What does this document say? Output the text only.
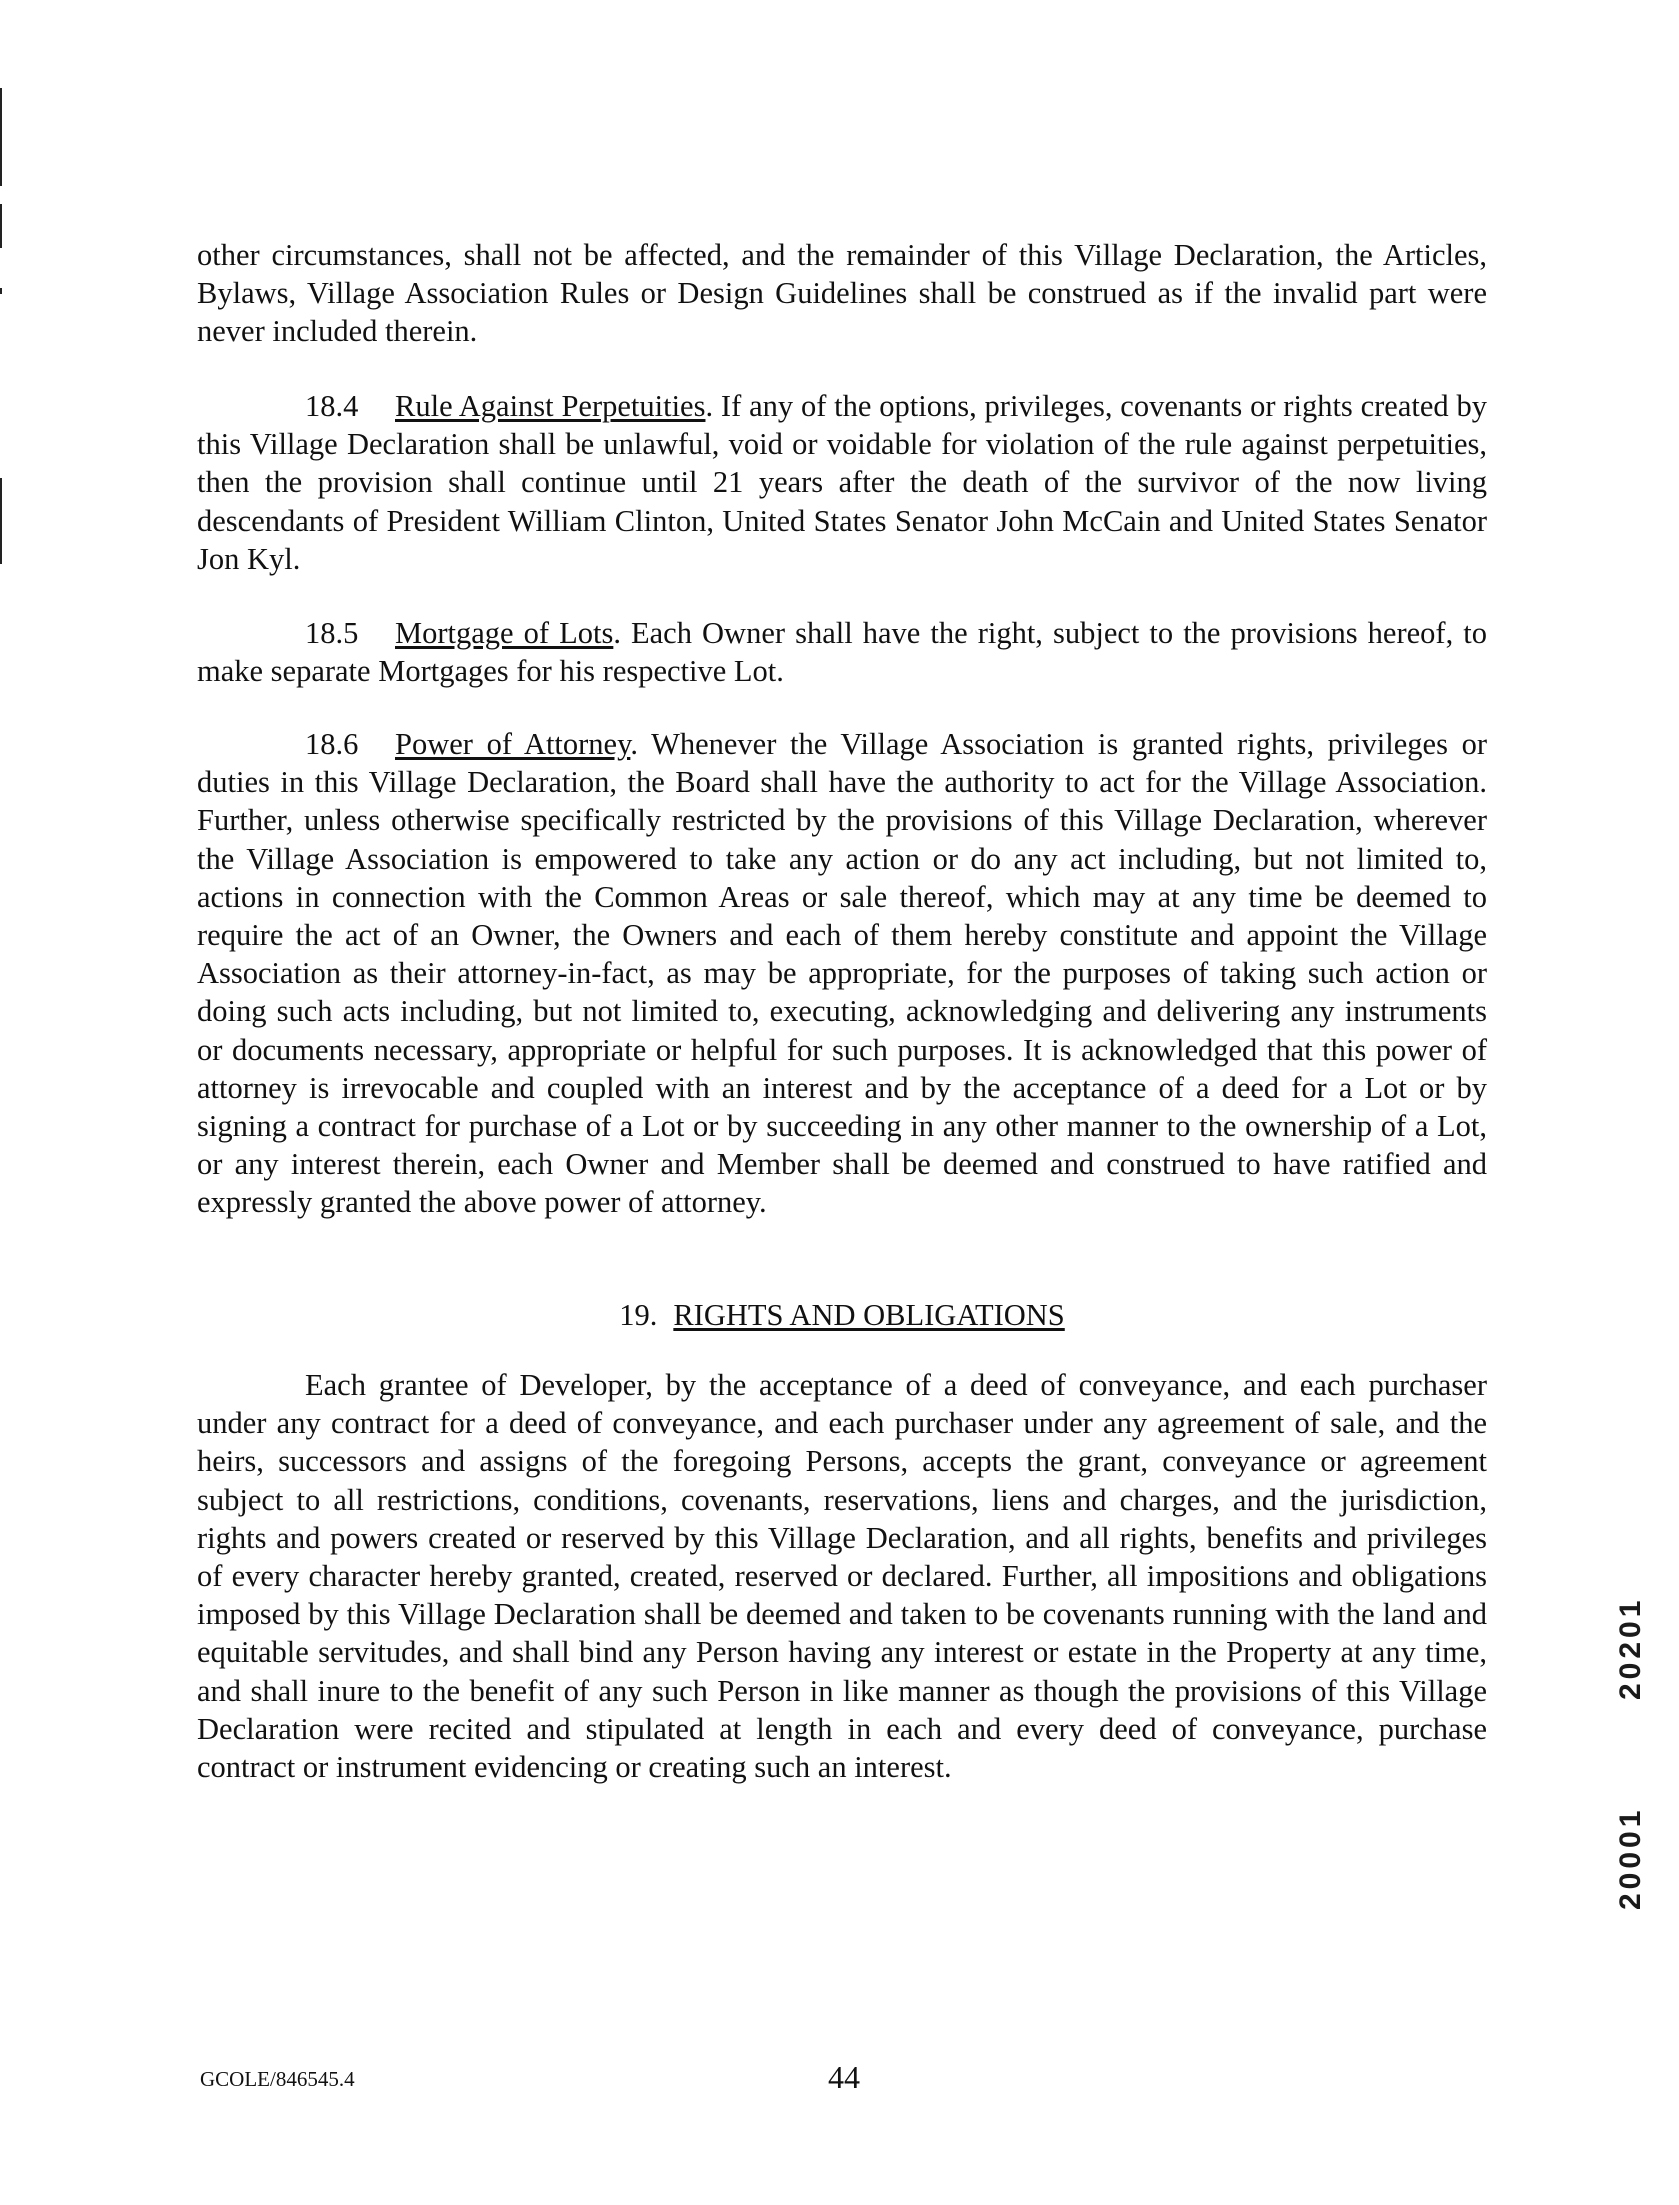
other circumstances, shall not be affected, and the remainder of this Village Declaration, the Articles, Bylaws, Village Association Rules or Design Guidelines shall be construed as if the invalid part were never included therein.

18.4 Rule Against Perpetuities. If any of the options, privileges, covenants or rights created by this Village Declaration shall be unlawful, void or voidable for violation of the rule against perpetuities, then the provision shall continue until 21 years after the death of the survivor of the now living descendants of President William Clinton, United States Senator John McCain and United States Senator Jon Kyl.

18.5 Mortgage of Lots. Each Owner shall have the right, subject to the provisions hereof, to make separate Mortgages for his respective Lot.

18.6 Power of Attorney. Whenever the Village Association is granted rights, privileges or duties in this Village Declaration, the Board shall have the authority to act for the Village Association. Further, unless otherwise specifically restricted by the provisions of this Village Declaration, wherever the Village Association is empowered to take any action or do any act including, but not limited to, actions in connection with the Common Areas or sale thereof, which may at any time be deemed to require the act of an Owner, the Owners and each of them hereby constitute and appoint the Village Association as their attorney-in-fact, as may be appropriate, for the purposes of taking such action or doing such acts including, but not limited to, executing, acknowledging and delivering any instruments or documents necessary, appropriate or helpful for such purposes. It is acknowledged that this power of attorney is irrevocable and coupled with an interest and by the acceptance of a deed for a Lot or by signing a contract for purchase of a Lot or by succeeding in any other manner to the ownership of a Lot, or any interest therein, each Owner and Member shall be deemed and construed to have ratified and expressly granted the above power of attorney.

19. RIGHTS AND OBLIGATIONS

Each grantee of Developer, by the acceptance of a deed of conveyance, and each purchaser under any contract for a deed of conveyance, and each purchaser under any agreement of sale, and the heirs, successors and assigns of the foregoing Persons, accepts the grant, conveyance or agreement subject to all restrictions, conditions, covenants, reservations, liens and charges, and the jurisdiction, rights and powers created or reserved by this Village Declaration, and all rights, benefits and privileges of every character hereby granted, created, reserved or declared. Further, all impositions and obligations imposed by this Village Declaration shall be deemed and taken to be covenants running with the land and equitable servitudes, and shall bind any Person having any interest or estate in the Property at any time, and shall inure to the benefit of any such Person in like manner as though the provisions of this Village Declaration were recited and stipulated at length in each and every deed of conveyance, purchase contract or instrument evidencing or creating such an interest.

20201
20001
GCOLE/846545.4	44
